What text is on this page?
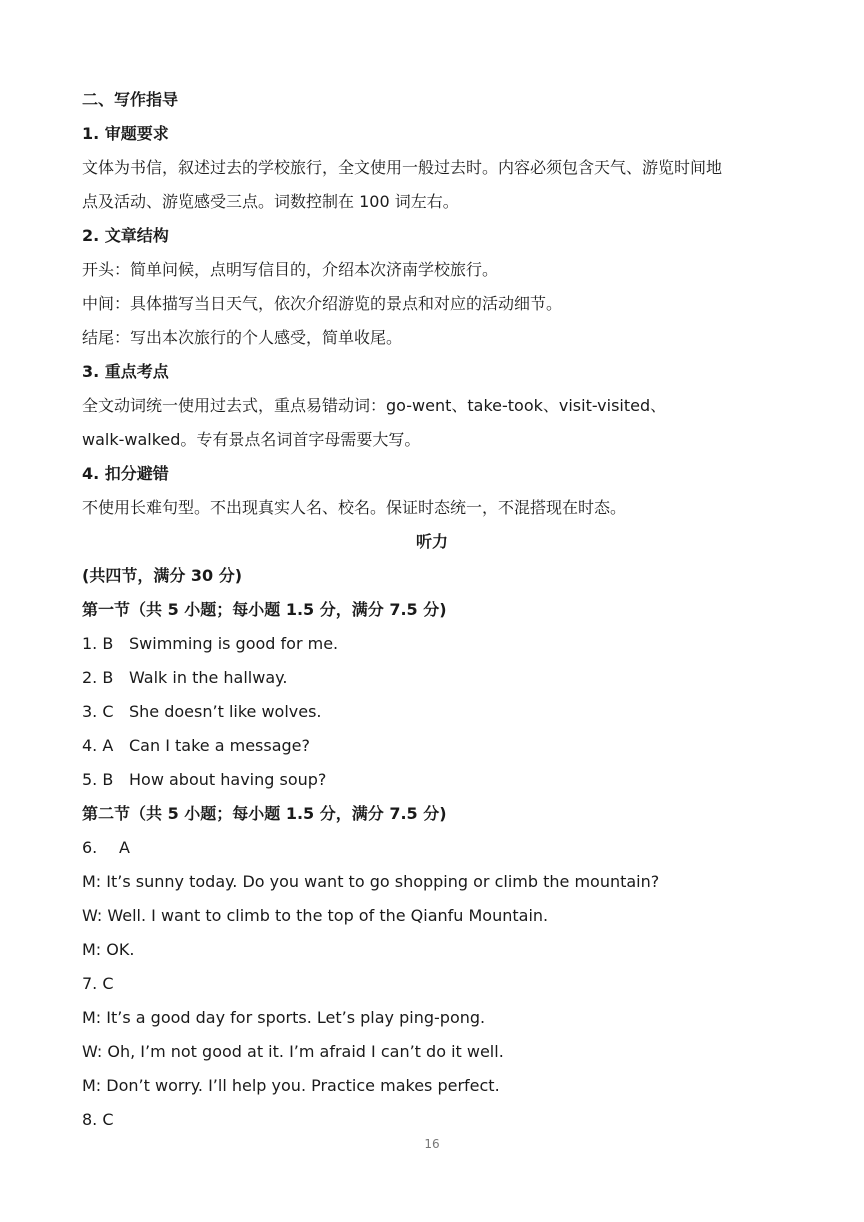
二、写作指导
1. 审题要求
文体为书信，叙述过去的学校旅行，全文使用一般过去时。内容必须包含天气、游览时间地
点及活动、游览感受三点。词数控制在 100 词左右。
2. 文章结构
开头：简单问候，点明写信目的，介绍本次济南学校旅行。
中间：具体描写当日天气，依次介绍游览的景点和对应的活动细节。
结尾：写出本次旅行的个人感受，简单收尾。
3. 重点考点
全文动词统一使用过去式，重点易错动词：go-went、take-took、visit-visited、
walk-walked。专有景点名词首字母需要大写。
4. 扣分避错
不使用长难句型。不出现真实人名、校名。保证时态统一，不混搭现在时态。
听力
(共四节，满分 30 分)
第一节（共 5 小题；每小题 1.5 分，满分 7.5 分)
1. B Swimming is good for me.
2. B Walk in the hallway.
3. C She doesn’t like wolves.
4. A Can I take a message?
5. B How about having soup?
第二节（共 5 小题；每小题 1.5 分，满分 7.5 分)
6. A
M: It’s sunny today. Do you want to go shopping or climb the mountain?
W: Well. I want to climb to the top of the Qianfu Mountain.
M: OK.
7. C
M: It’s a good day for sports. Let’s play ping-pong.
W: Oh, I’m not good at it. I’m afraid I can’t do it well.
M: Don’t worry. I’ll help you. Practice makes perfect.
8. C
16
